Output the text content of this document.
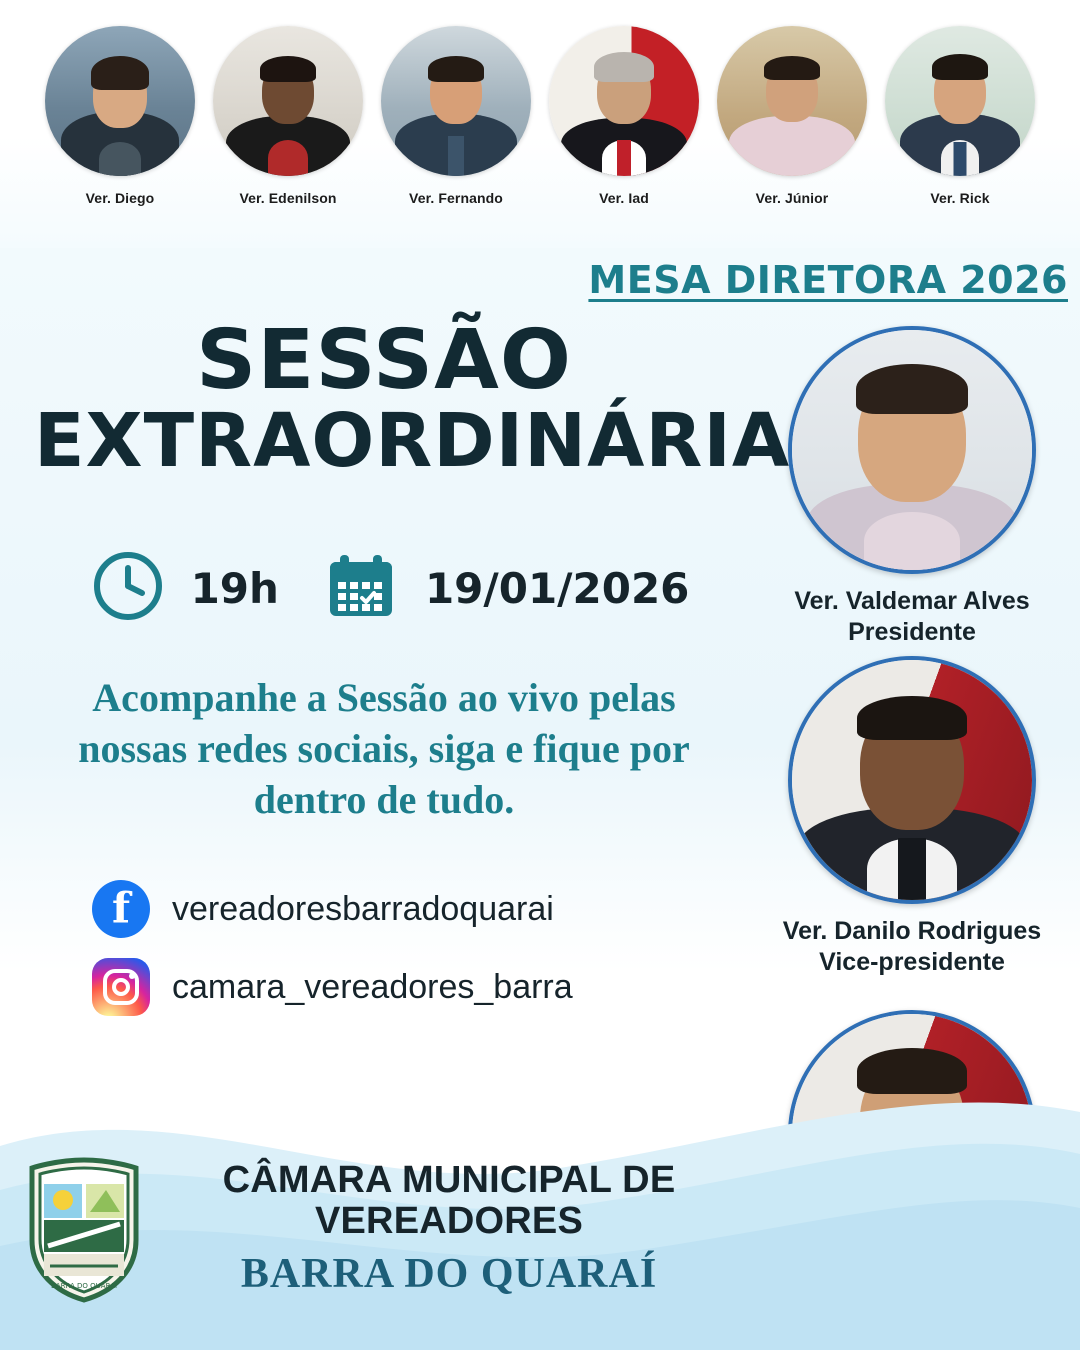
Ver. Diego	Ver. Edenilson	Ver. Fernando	Ver. Iad	Ver. Júnior	Ver. Rick
SESSÃO
EXTRAORDINÁRIA
19h	19/01/2026
Acompanhe a Sessão ao vivo pelas nossas redes sociais, siga e fique por dentro de tudo.
f
vereadoresbarradoquarai
camara_vereadores_barra
MESA DIRETORA 2026
Ver. Valdemar Alves
Presidente
Ver. Danilo Rodrigues
Vice-presidente
BARRA DO QUARAÍ
CÂMARA MUNICIPAL DE VEREADORES
BARRA DO QUARAÍ
